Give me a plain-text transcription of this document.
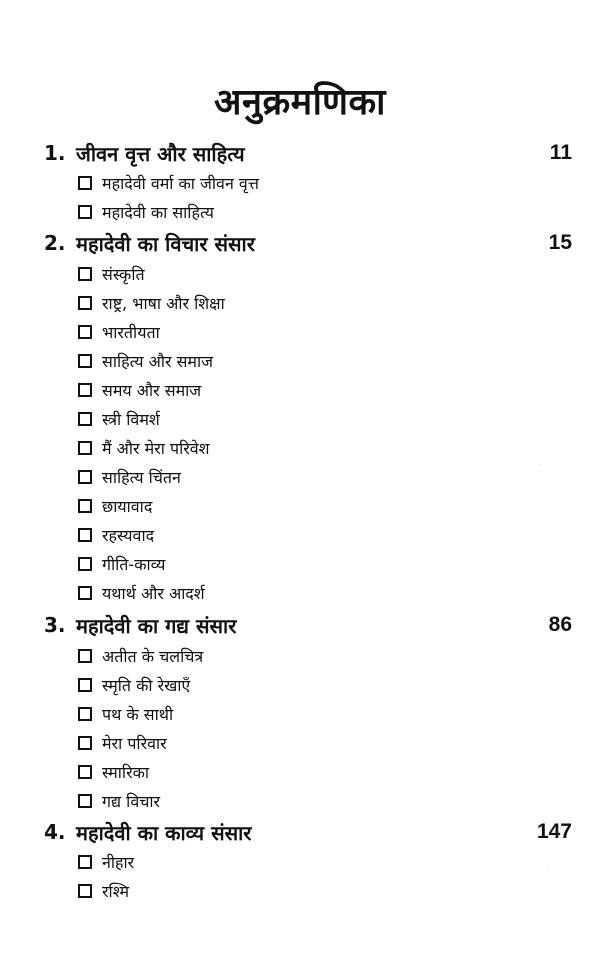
अनुक्रमणिका
1. जीवन वृत्त और साहित्य	11
महादेवी वर्मा का जीवन वृत्त
महादेवी का साहित्य
2. महादेवी का विचार संसार	15
संस्कृति
राष्ट्र, भाषा और शिक्षा
भारतीयता
साहित्य और समाज
समय और समाज
स्त्री विमर्श
मैं और मेरा परिवेश
साहित्य चिंतन
छायावाद
रहस्यवाद
गीति-काव्य
यथार्थ और आदर्श
3. महादेवी का गद्य संसार	86
अतीत के चलचित्र
स्मृति की रेखाएँ
पथ के साथी
मेरा परिवार
स्मारिका
गद्य विचार
4. महादेवी का काव्य संसार	147
नीहार
रश्मि
